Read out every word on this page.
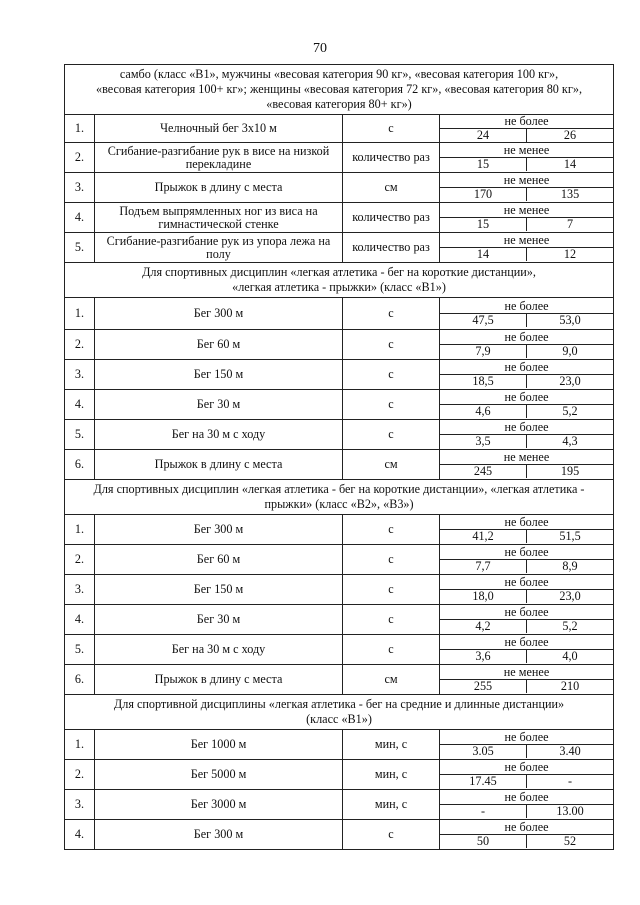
70
самбо (класс «В1», мужчины «весовая категория 90 кг», «весовая категория 100 кг»,
«весовая категория 100+ кг»; женщины «весовая категория 72 кг», «весовая категория 80 кг»,
«весовая категория 80+ кг»)			

1.	Челночный бег 3х10 м	с	не более
24 26

2.	Сгибание-разгибание рук в висе на низкой перекладине	количество раз	не менее
15 14

3.	Прыжок в длину с места	см	не менее
170 135

4.	Подъем выпрямленных ног из виса на гимнастической стенке	количество раз	не менее
15 7

5.	Сгибание-разгибание рук из упора лежа на полу	количество раз	не менее
14 12

Для спортивных дисциплин «легкая атлетика - бег на короткие дистанции»,
«легкая атлетика - прыжки» (класс «В1»)			

1.	Бег 300 м	с	не более
47,5 53,0

2.	Бег 60 м	с	не более
7,9 9,0

3.	Бег 150 м	с	не более
18,5 23,0

4.	Бег 30 м	с	не более
4,6 5,2

5.	Бег на 30 м с ходу	с	не более
3,5 4,3

6.	Прыжок в длину с места	см	не менее
245 195

Для спортивных дисциплин «легкая атлетика - бег на короткие дистанции», «легкая атлетика -
прыжки» (класс «В2», «В3»)			

1.	Бег 300 м	с	не более
41,2 51,5

2.	Бег 60 м	с	не более
7,7 8,9

3.	Бег 150 м	с	не более
18,0 23,0

4.	Бег 30 м	с	не более
4,2 5,2

5.	Бег на 30 м с ходу	с	не более
3,6 4,0

6.	Прыжок в длину с места	см	не менее
255 210

Для спортивной дисциплины «легкая атлетика - бег на средние и длинные дистанции»
(класс «В1»)			

1.	Бег 1000 м	мин, с	не более
3.05 3.40

2.	Бег 5000 м	мин, с	не более
17.45 -

3.	Бег 3000 м	мин, с	не более
- 13.00

4.	Бег 300 м	с	не более
50 52
